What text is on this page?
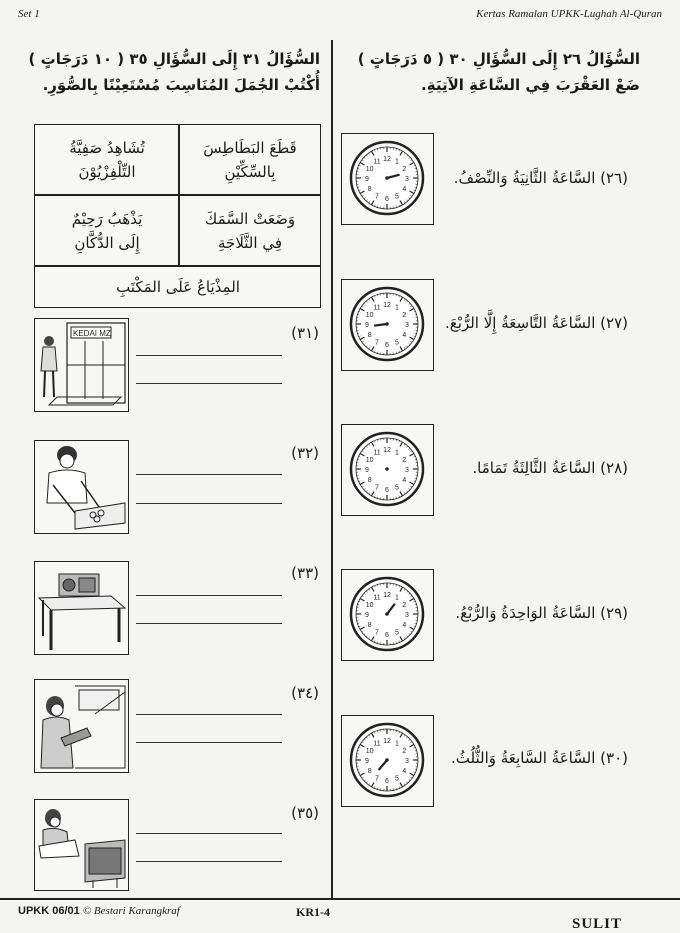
Set 1	Kertas Ramalan UPKK-Lughah Al-Quran
السُّؤَالُ ٣١ إِلَى السُّؤَالِ ٣٥ ( ١٠ دَرَجَاتٍ )
أُكْتُبْ الجُمَلَ المُنَاسِبَ مُسْتَعِيْنًا بِالصُّوَرِ.
قَطَعَ البَطَاطِسَ
بِالسِّكِّيْنِ
تُشَاهِدُ صَفِيَّةُ
التِّلْفِزْيُوْنَ
وَضَعَتْ السَّمَكَ
فِي الثَّلَاجَةِ
يَذْهَبُ رَحِيْمٌ
إِلَى الدُّكَّانِ
المِذْيَاعُ عَلَى المَكْتَبِ
KEDAI MZ	(٣١)
(٣٢)
(٣٣)
(٣٤)
(٣٥)
السُّؤَالُ ٢٦ إِلَى السُّؤَالِ ٣٠ ( ٥ دَرَجَاتٍ )
ضَعْ العَقْرَبَ فِي السَّاعَةِ الآتِيَةِ.
1
2
3
4
5
6
7
8
9
10
11 12
1
2
3
4
5
6
7
8
9
10
11 12
1
2
3
4
5
6
7
8
9
10
11 12
1
2
3
4
5
6
7
8
9
10
11 12
1
2
3
4
5
6
7
8
9
10
11 12
(٢٦) السَّاعَةُ الثَّانِيَةُ وَالنِّصْفُ.
(٢٧) السَّاعَةُ التَّاسِعَةُ إِلَّا الرُّبْعَ.
(٢٨) السَّاعَةُ الثَّالِثَةُ تَمَامًا.
(٢٩) السَّاعَةُ الوَاحِدَةُ وَالرُّبْعُ.
(٣٠) السَّاعَةُ السَّابِعَةُ وَالثُّلُثُ.
UPKK 06/01 © Bestari Karangkraf	KR1-4
SULIT
